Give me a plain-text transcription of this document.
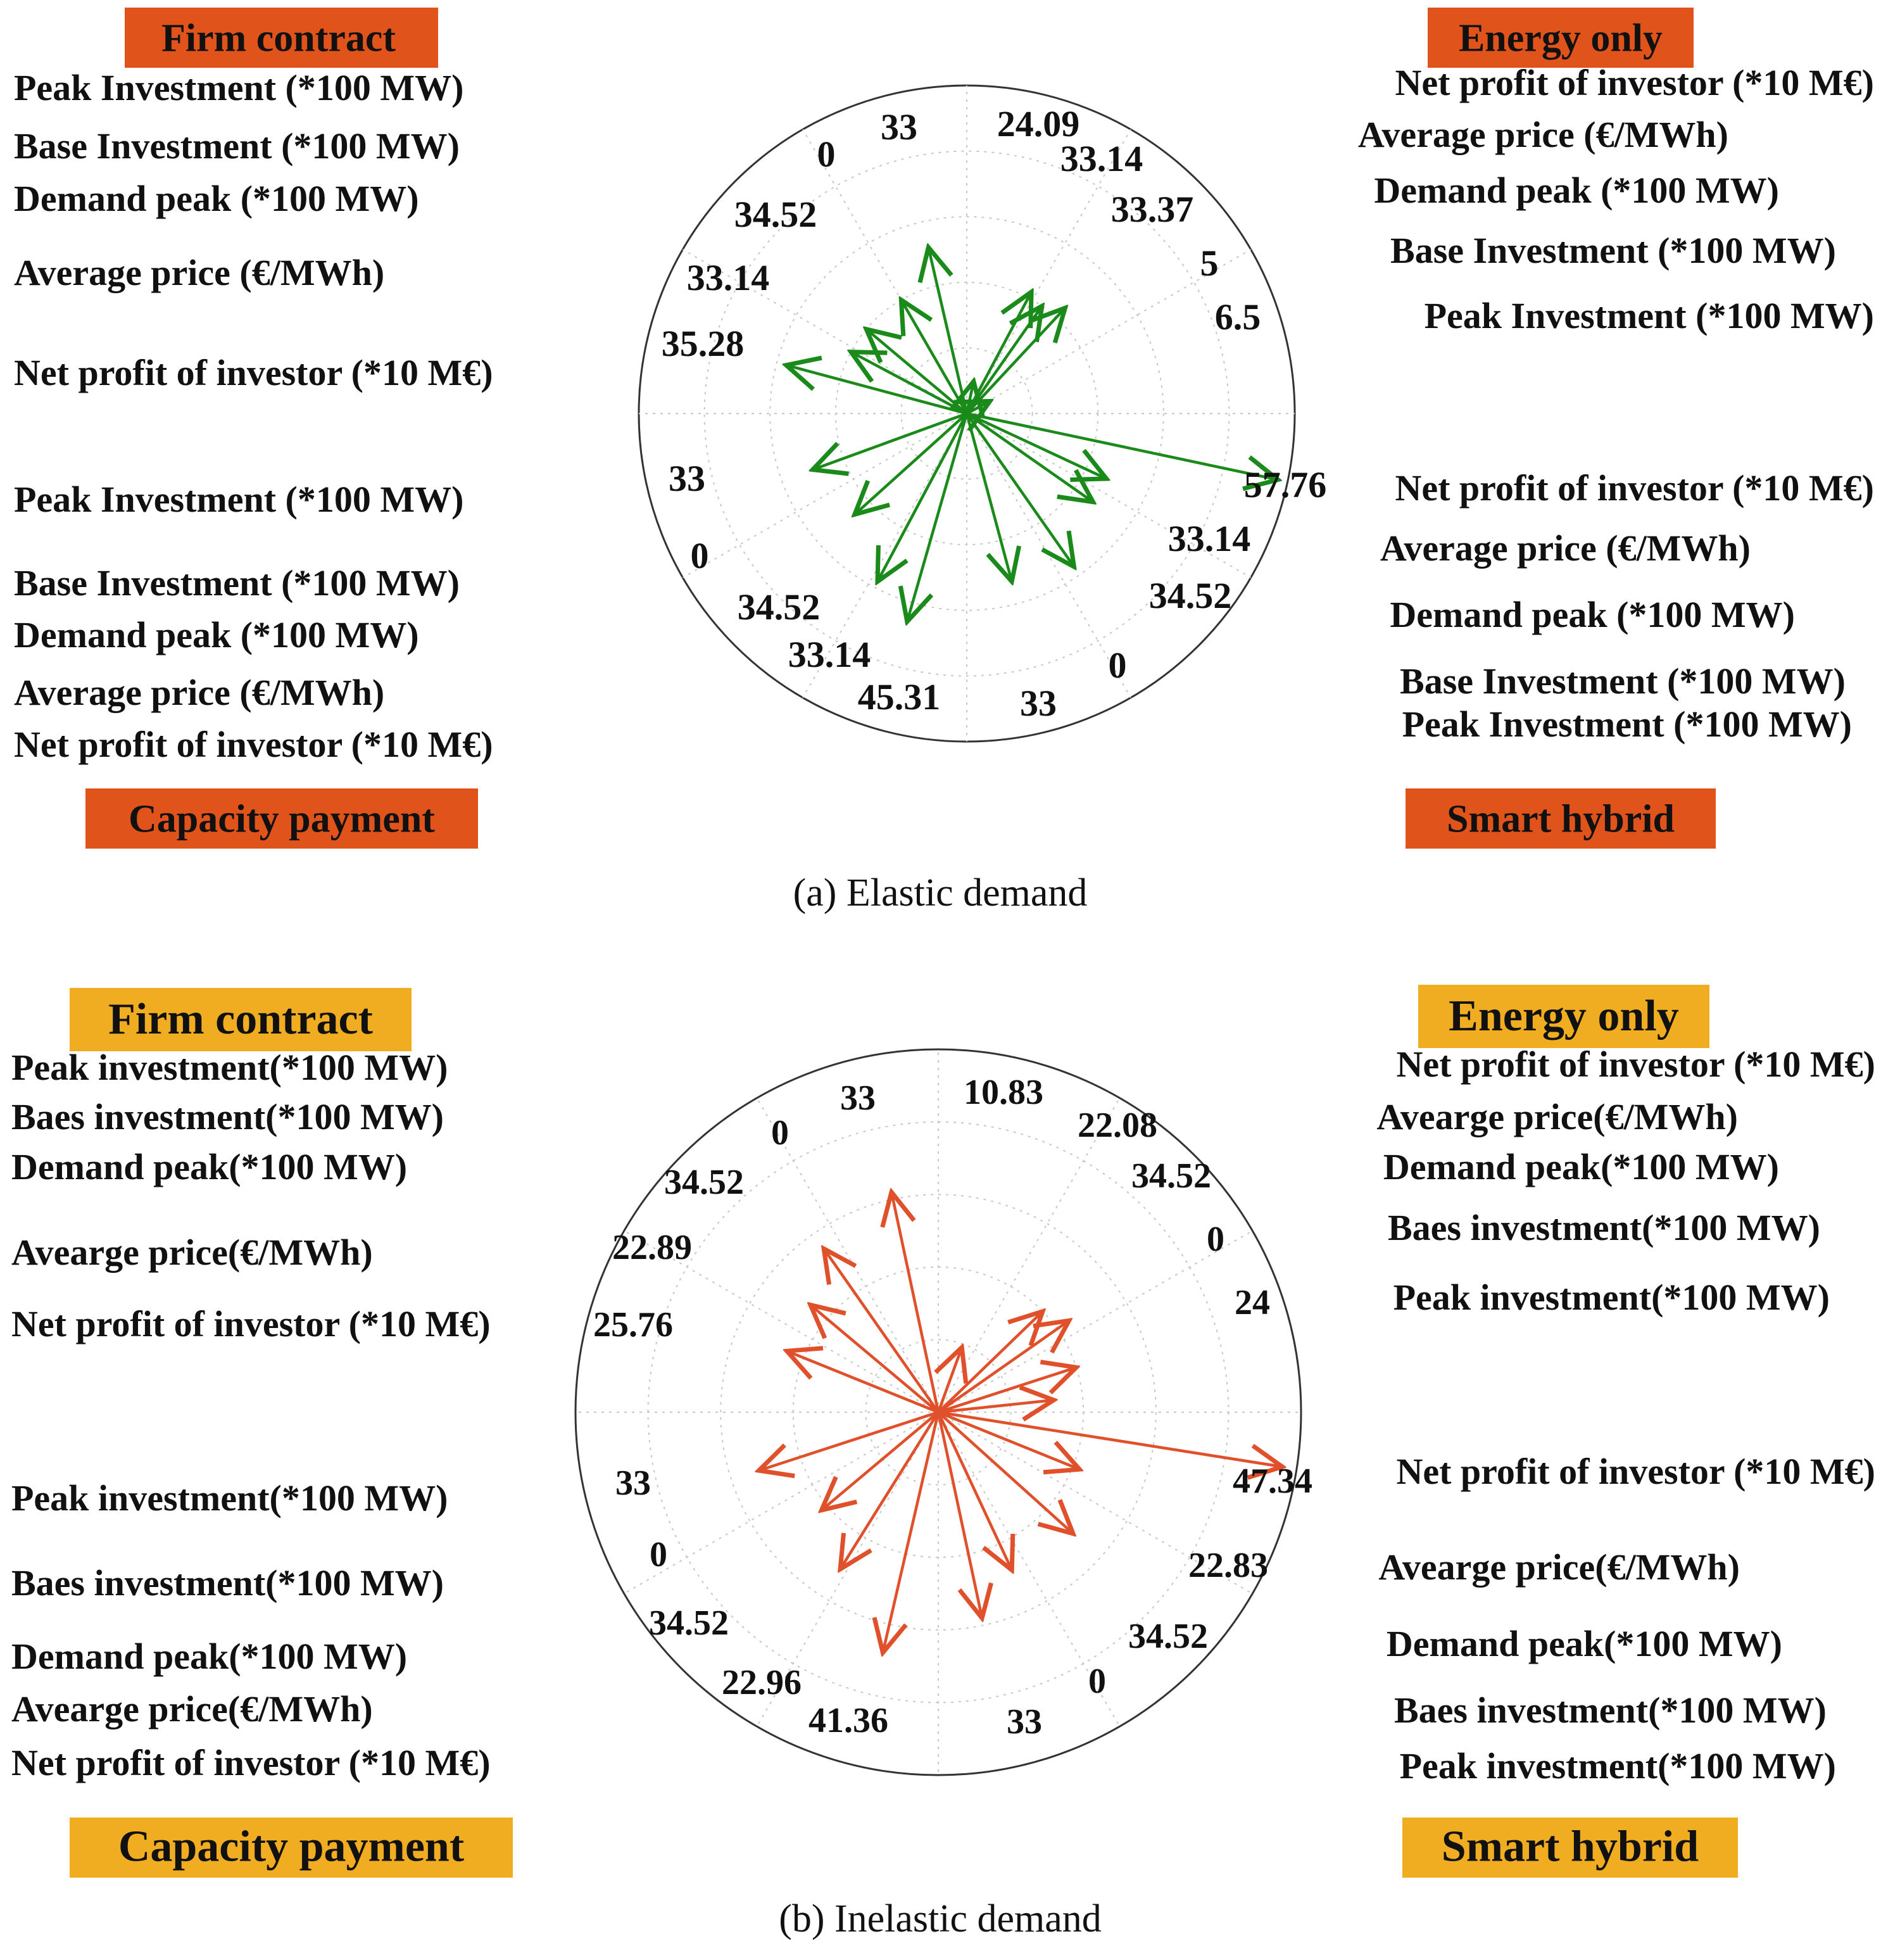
Firm contract
Peak Investment (*100 MW)
Base Investment (*100 MW)
Demand peak (*100 MW)
Average price (€/MWh)
Net profit of investor (*10 M€)
33
0
34.52
33.14
35.28
Energy only
Net profit of investor (*10 M€)
Average price (€/MWh)
Demand peak (*100 MW)
Base Investment (*100 MW)
Peak Investment (*100 MW)
24.09
33.14
33.37
5
6.5
Capacity payment
Peak Investment (*100 MW)
Base Investment (*100 MW)
Demand peak (*100 MW)
Average price (€/MWh)
Net profit of investor (*10 M€)
33
0
34.52
33.14
45.31
Smart hybrid
Net profit of investor (*10 M€)
Average price (€/MWh)
Demand peak (*100 MW)
Base Investment (*100 MW)
Peak Investment (*100 MW)
57.76
33.14
34.52
0
33
(a) Elastic demand
Firm contract
Peak investment(*100 MW)
Baes investment(*100 MW)
Demand peak(*100 MW)
Avearge price(€/MWh)
Net profit of investor (*10 M€)
33
0
34.52
22.89
25.76
Energy only
Net profit of investor (*10 M€)
Avearge price(€/MWh)
Demand peak(*100 MW)
Baes investment(*100 MW)
Peak investment(*100 MW)
10.83
22.08
34.52
0
24
Capacity payment
Peak investment(*100 MW)
Baes investment(*100 MW)
Demand peak(*100 MW)
Avearge price(€/MWh)
Net profit of investor (*10 M€)
33
0
34.52
22.96
41.36
Smart hybrid
Net profit of investor (*10 M€)
Avearge price(€/MWh)
Demand peak(*100 MW)
Baes investment(*100 MW)
Peak investment(*100 MW)
47.34
22.83
34.52
0
33
(b) Inelastic demand
